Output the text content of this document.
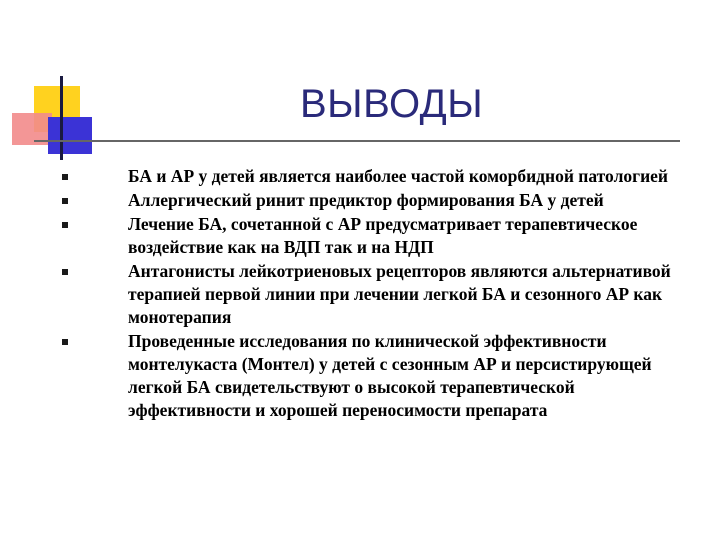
ВЫВОДЫ
БА и АР у детей является наиболее частой коморбидной патологией
Аллергический ринит предиктор формирования БА у детей
Лечение БА, сочетанной с АР предусматривает терапевтическое воздействие как на ВДП так и на НДП
Антагонисты лейкотриеновых рецепторов являются альтернативой терапией первой линии при лечении легкой БА и сезонного АР как монотерапия
Проведенные исследования по клинической эффективности монтелукаста (Монтел) у детей с сезонным АР и персистирующей легкой БА свидетельствуют о высокой терапевтической эффективности и хорошей переносимости препарата
